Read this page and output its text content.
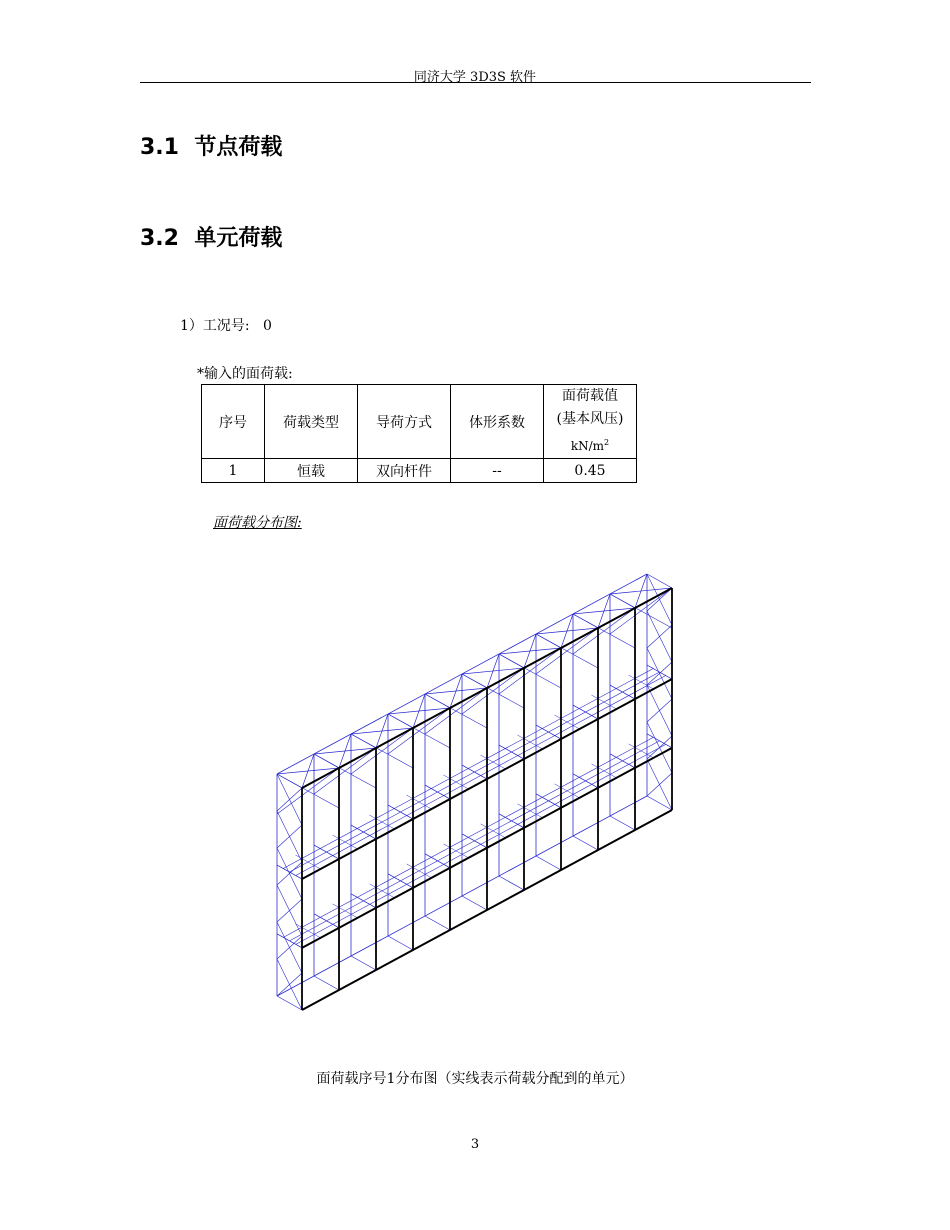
同济大学 3D3S 软件
3.1 节点荷载
3.2 单元荷载
1）工况号: 0
*输入的面荷载:
序号	荷载类型	导荷方式	体形系数	面荷载值
(基本风压)
$kN/m^2$

1	恒载	双向杆件	--	0.45
面荷载分布图:
面荷载序号1分布图（实线表示荷载分配到的单元）
3
